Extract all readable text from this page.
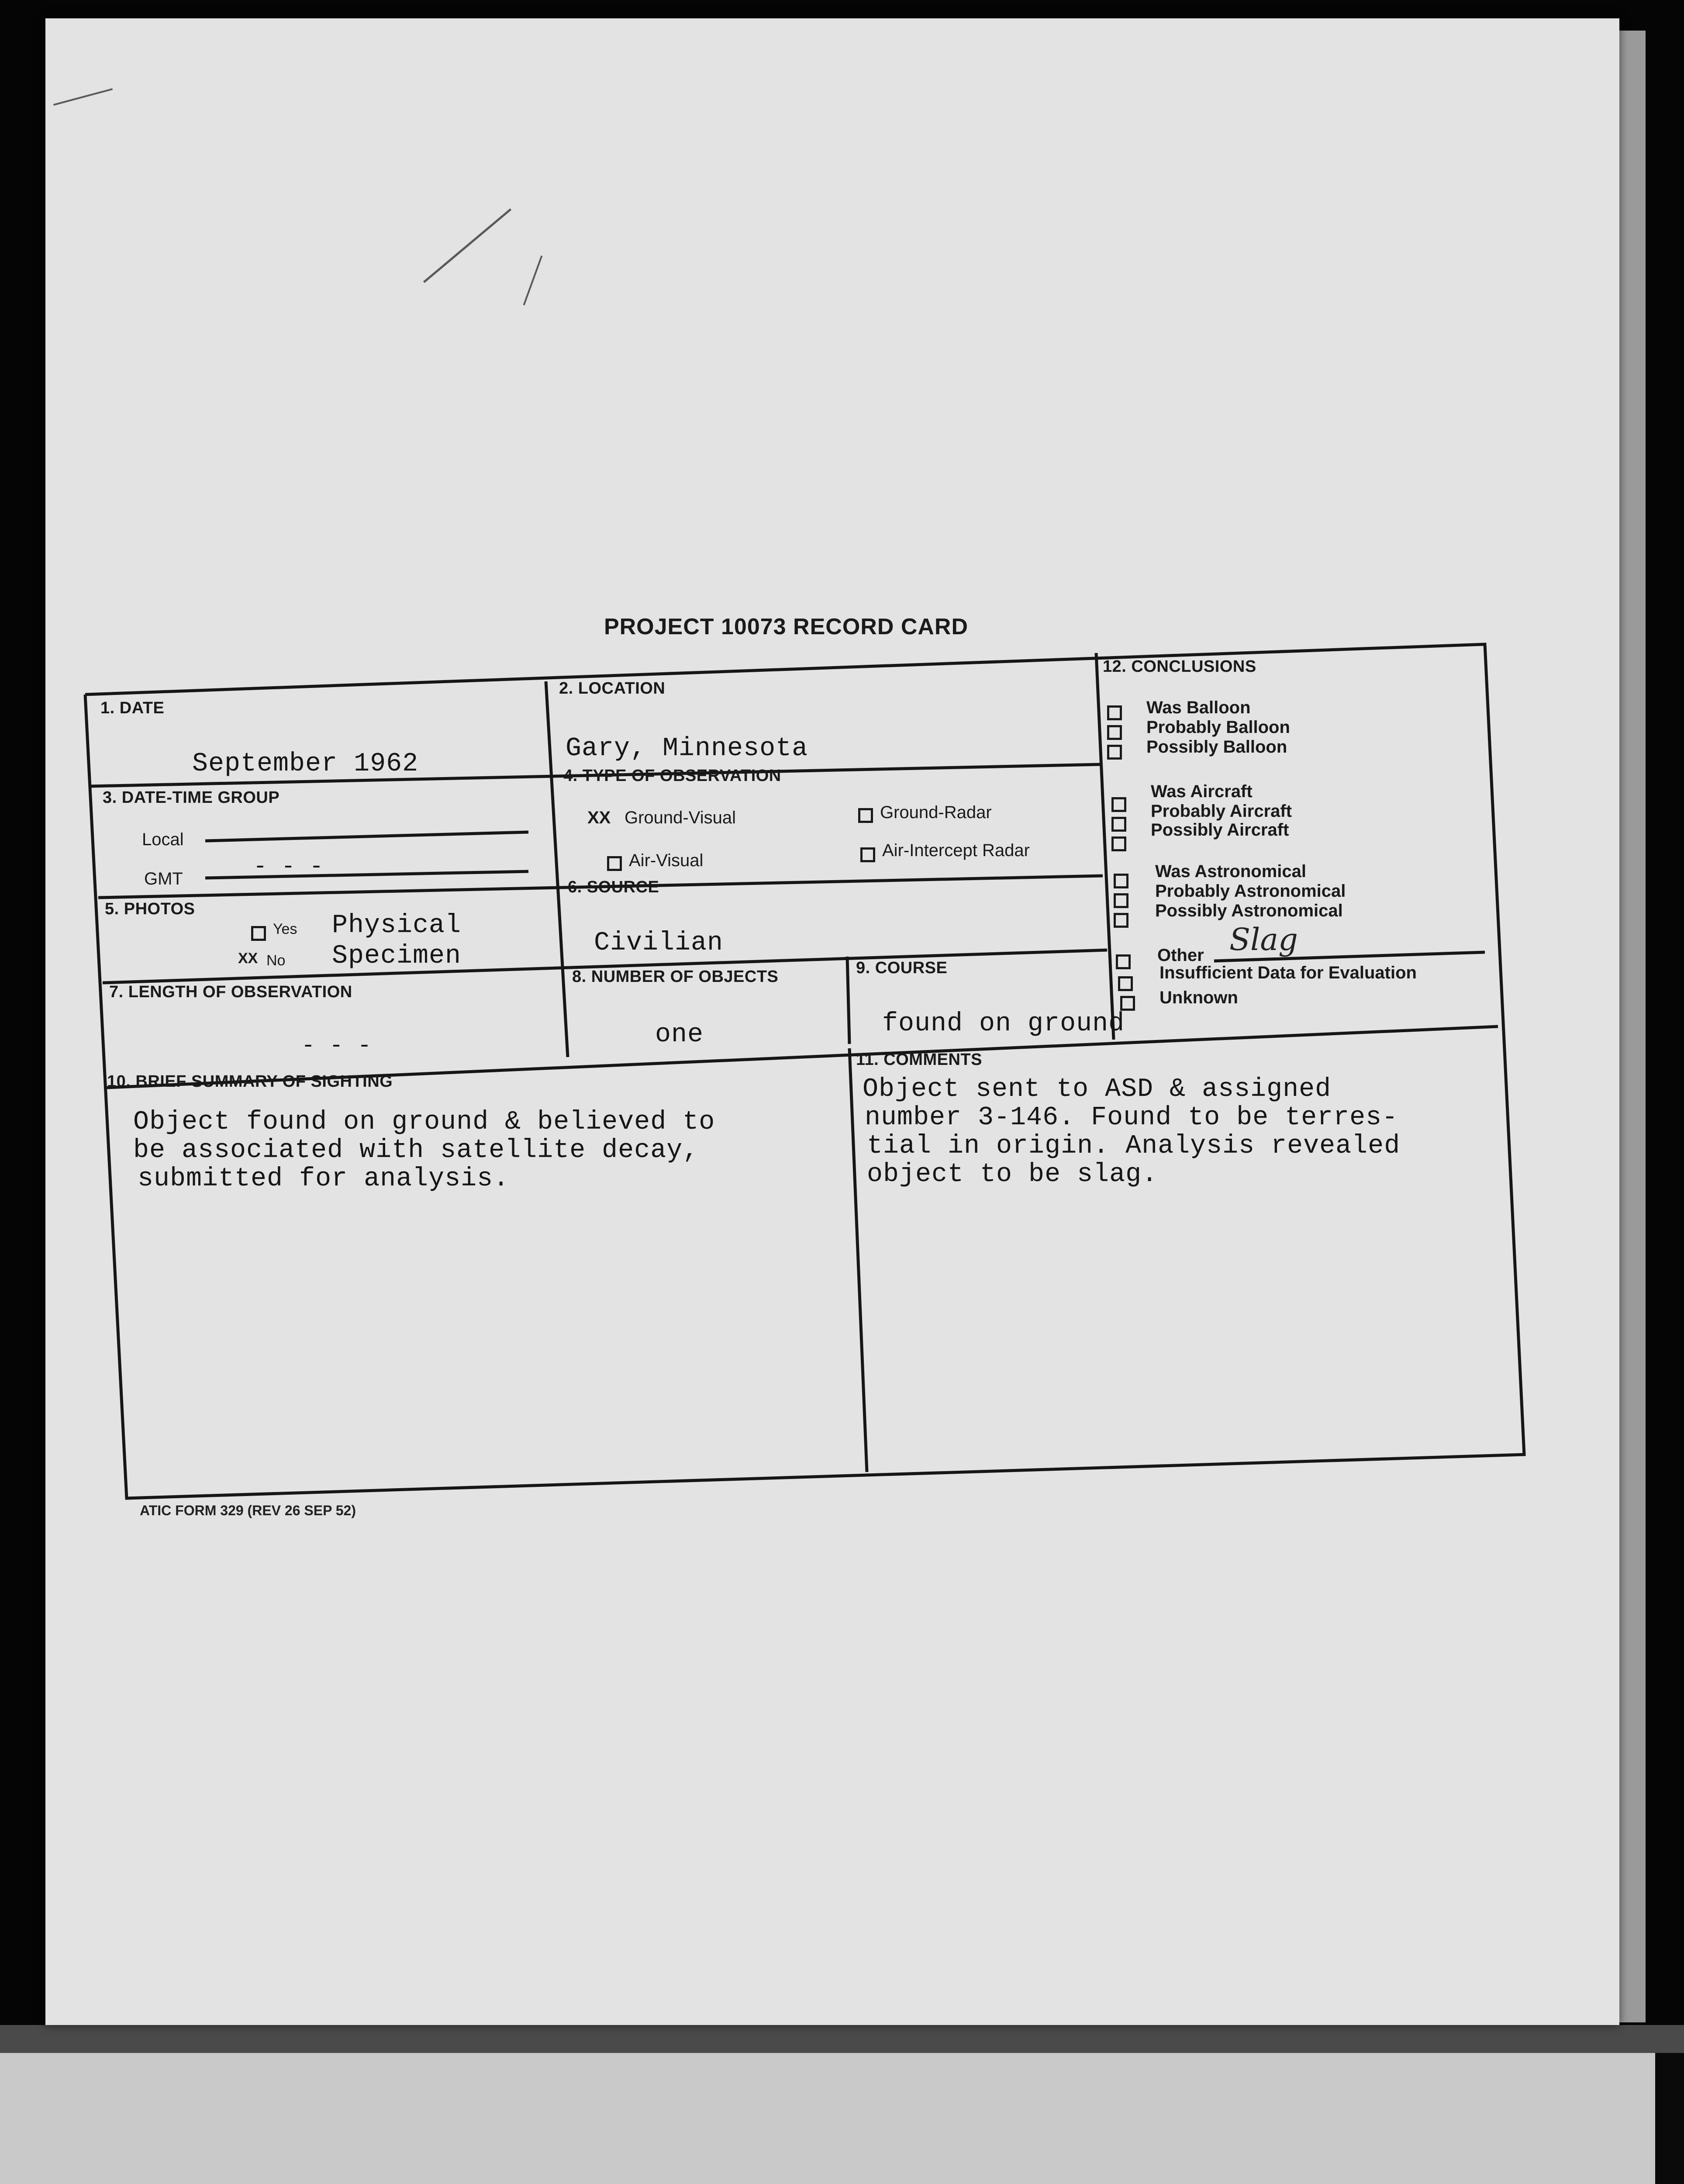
PROJECT 10073 RECORD CARD
1. DATE
September 1962
2. LOCATION
Gary, Minnesota
3. DATE-TIME GROUP
Local
GMT	- - -
4. TYPE OF OBSERVATION
XX Ground-Visual	Ground-Radar
Air-Visual
Air-Intercept Radar
5. PHOTOS
Yes
XX No
Physical
Specimen
6. SOURCE
Civilian
7. LENGTH OF OBSERVATION
- - -
8. NUMBER OF OBJECTS
one
9. COURSE
found on ground
10. BRIEF SUMMARY OF SIGHTING
Object found on ground & believed to
be associated with satellite decay,
submitted for analysis.
11. COMMENTS
Object sent to ASD & assigned
number 3-146. Found to be terres-
tial in origin. Analysis revealed
object to be slag.
12. CONCLUSIONS
Was Balloon
Probably Balloon
Possibly Balloon
Was Aircraft
Probably Aircraft
Possibly Aircraft
Was Astronomical
Probably Astronomical
Possibly Astronomical
Other Slag
Insufficient Data for Evaluation
Unknown
ATIC FORM 329 (REV 26 SEP 52)
